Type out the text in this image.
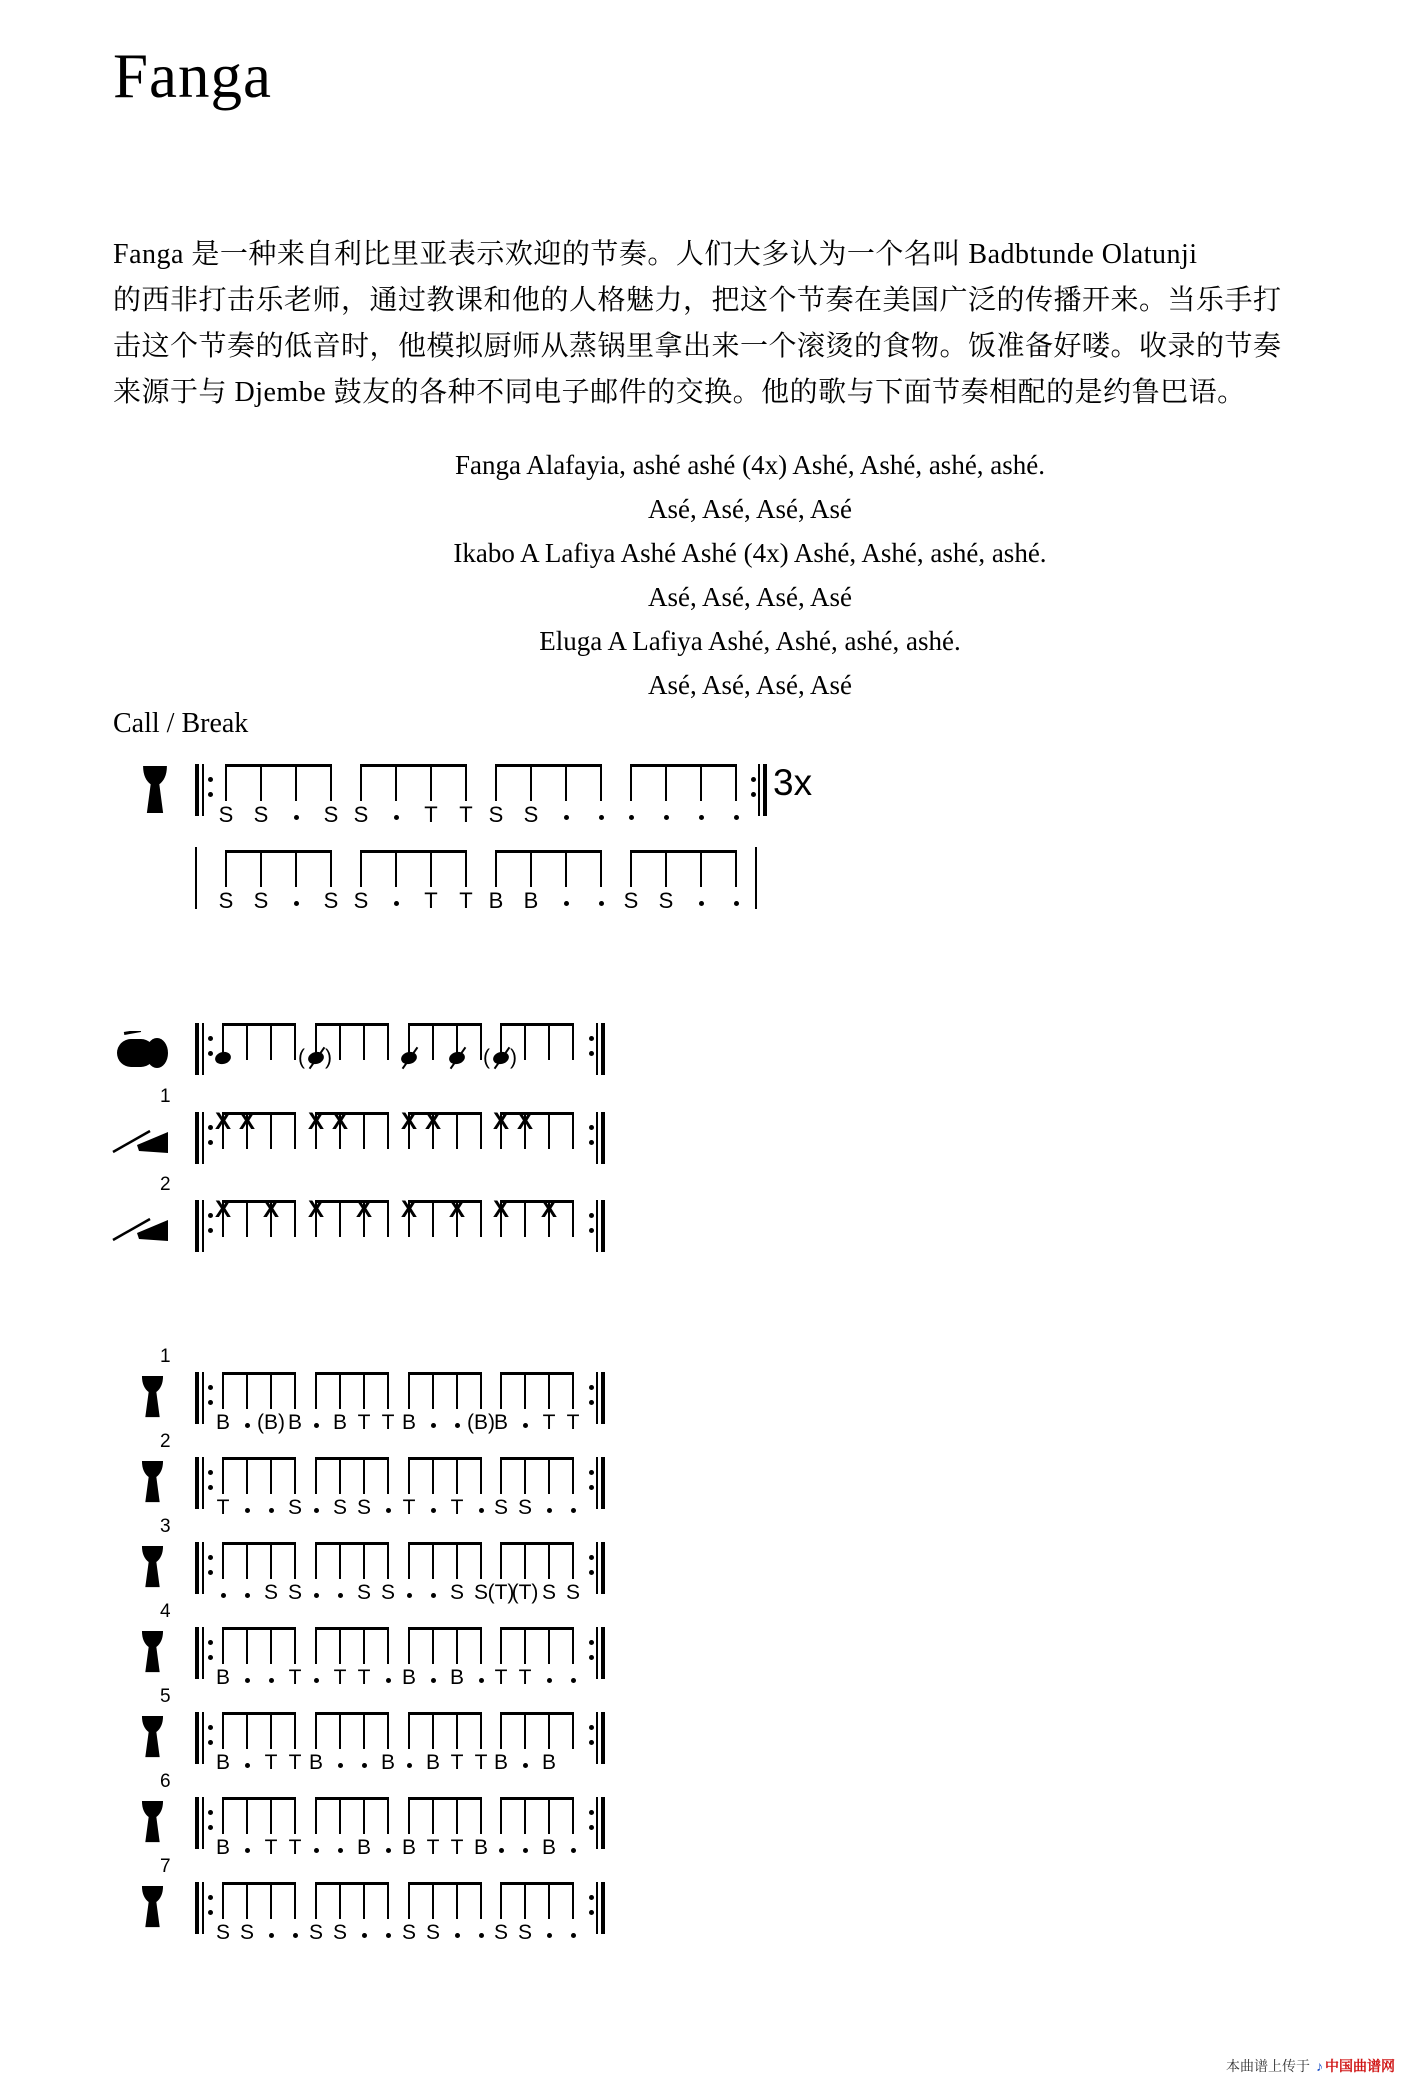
Fanga

Fanga 是一种来自利比里亚表示欢迎的节奏。人们大多认为一个名叫 Badbtunde Olatunji

的西非打击乐老师，通过教课和他的人格魅力，把这个节奏在美国广泛的传播开来。当乐手打

击这个节奏的低音时，他模拟厨师从蒸锅里拿出来一个滚烫的食物。饭准备好喽。收录的节奏

来源于与 Djembe 鼓友的各种不同电子邮件的交换。他的歌与下面节奏相配的是约鲁巴语。

Fanga Alafayia, ashé ashé (4x) Ashé, Ashé, ashé, ashé.

Asé, Asé, Asé, Asé

Ikabo A Lafiya Ashé Ashé (4x) Ashé, Ashé, ashé, ashé.

Asé, Asé, Asé, Asé

Eluga A Lafiya Ashé, Ashé, ashé, ashé.

Asé, Asé, Asé, Asé

Call / Break

S S	S S	T T S S
3x
S S	S S	T T B B	S S
( )	( )
1
X X X X X X X X
2
X X X X X X X X
1
B	(B) B	B T T B	(B)
B	T T
2
T	S	S S	T	T	S S
3
S S	S S	S S (T)
(T) S S
4
B	T	T T	B	B	T T
5
B	T T B	B	B T T B	B
6
B	T T	B	B T T B	B
7
S S	S S	S S	S S
本曲谱上传于 ♪ 中国曲谱网
